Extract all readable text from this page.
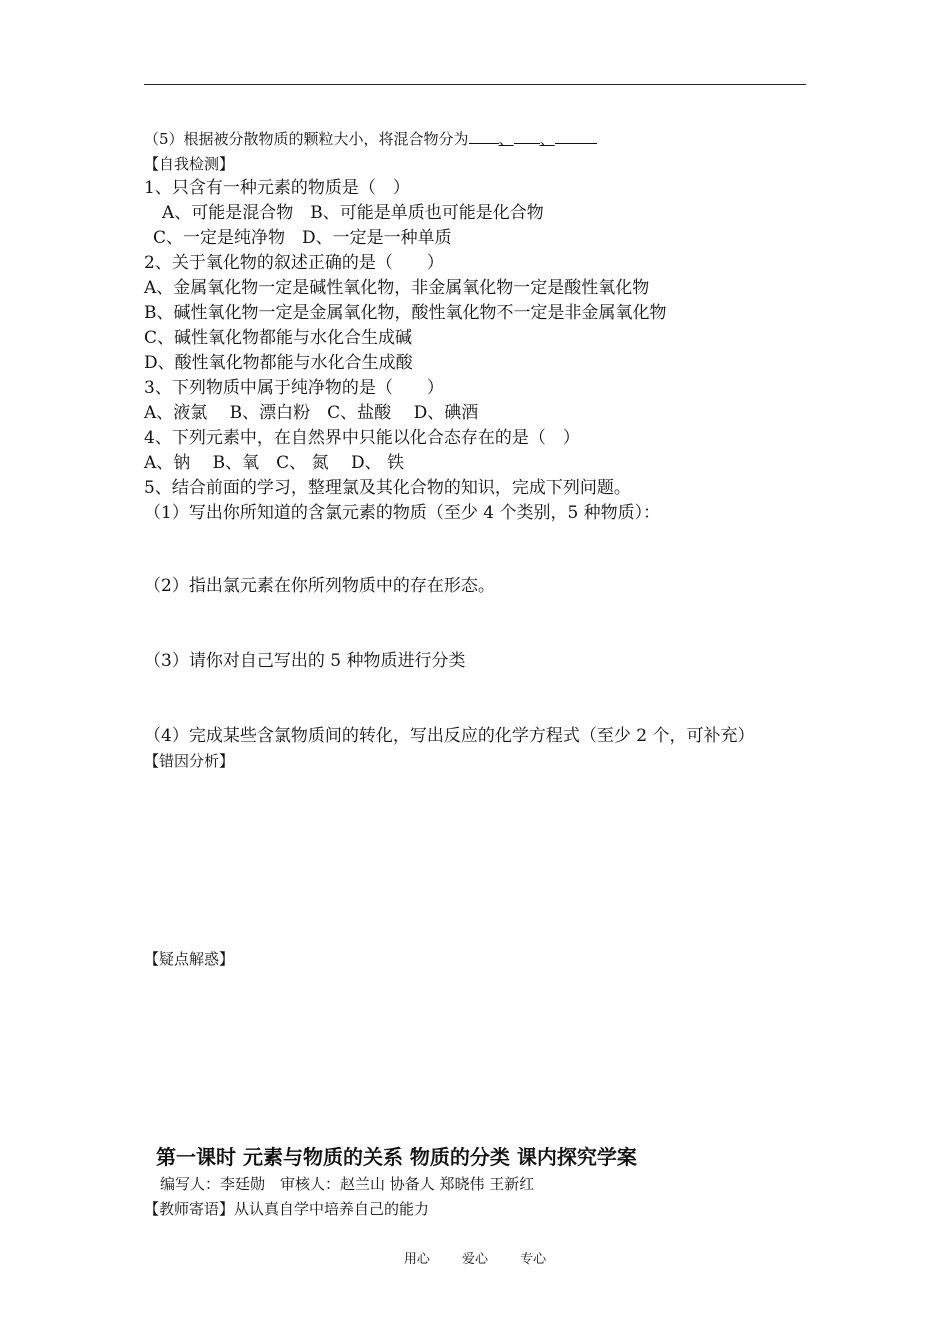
（5）根据被分散物质的颗粒大小，将混合物分为 、 、
【自我检测】
1、只含有一种元素的物质是（　）
A、可能是混合物　B、可能是单质也可能是化合物
C、一定是纯净物　D、一定是一种单质
2、关于氧化物的叙述正确的是（　　）
A、金属氧化物一定是碱性氧化物，非金属氧化物一定是酸性氧化物
B、碱性氧化物一定是金属氧化物，酸性氧化物不一定是非金属氧化物
C、碱性氧化物都能与水化合生成碱
D、酸性氧化物都能与水化合生成酸
3、下列物质中属于纯净物的是（　　）
A、液氯　 B、漂白粉　C、盐酸　 D、碘酒
4、下列元素中，在自然界中只能以化合态存在的是（　）
A、钠　 B、氧　C、 氮　 D、 铁
5、结合前面的学习，整理氯及其化合物的知识，完成下列问题。
（1）写出你所知道的含氯元素的物质（至少 4 个类别，5 种物质）：
（2）指出氯元素在你所列物质中的存在形态。
（3）请你对自己写出的 5 种物质进行分类
（4）完成某些含氯物质间的转化，写出反应的化学方程式（至少 2 个，可补充）
【错因分析】
【疑点解惑】
第一课时 元素与物质的关系 物质的分类 课内探究学案
编写人：李廷勋　审核人：赵兰山 协备人 郑晓伟 王新红
【教师寄语】从认真自学中培养自己的能力
用心 爱心 专心
